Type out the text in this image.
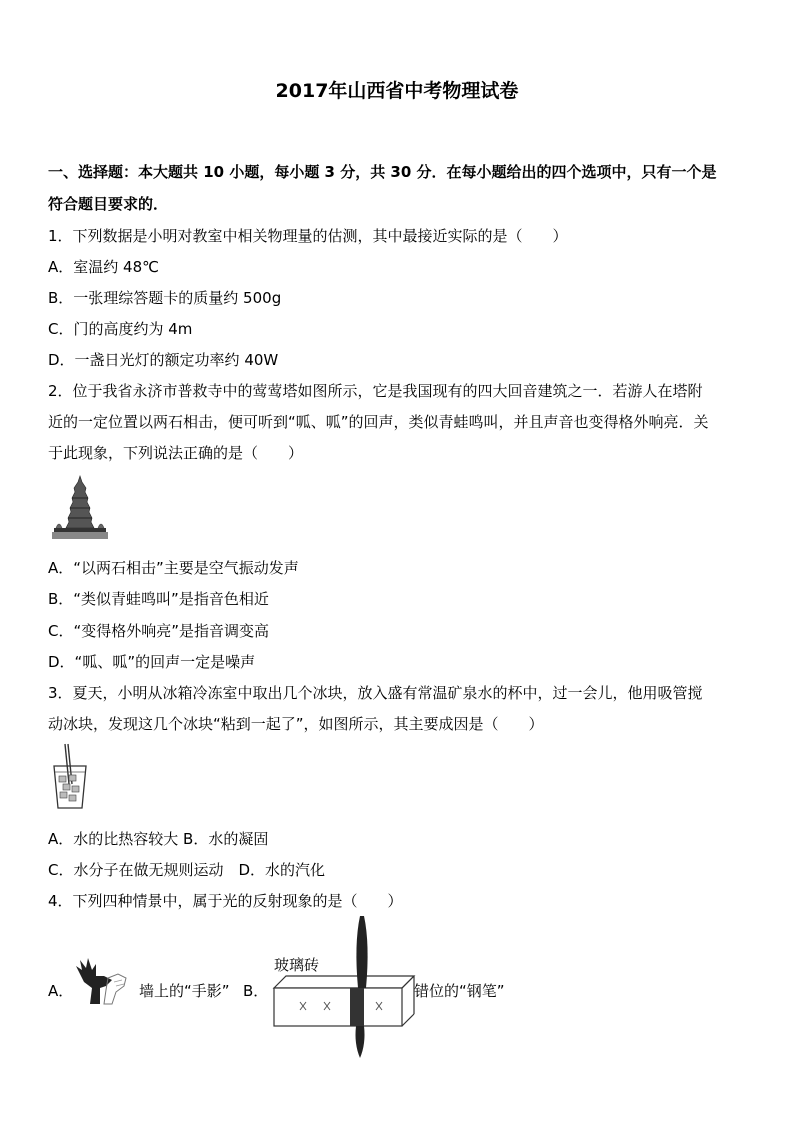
2017年山西省中考物理试卷
一、选择题：本大题共 10 小题，每小题 3 分，共 30 分．在每小题给出的四个选项中，只有一个是
符合题目要求的．
1．下列数据是小明对教室中相关物理量的估测，其中最接近实际的是（　　）
A．室温约 48℃
B．一张理综答题卡的质量约 500g
C．门的高度约为 4m
D．一盏日光灯的额定功率约 40W
2．位于我省永济市普救寺中的莺莺塔如图所示，它是我国现有的四大回音建筑之一．若游人在塔附
近的一定位置以两石相击，便可听到“呱、呱”的回声，类似青蛙鸣叫，并且声音也变得格外响亮．关
于此现象，下列说法正确的是（　　）
A．“以两石相击”主要是空气振动发声
B．“类似青蛙鸣叫”是指音色相近
C．“变得格外响亮”是指音调变高
D．“呱、呱”的回声一定是噪声
3．夏天，小明从冰箱冷冻室中取出几个冰块，放入盛有常温矿泉水的杯中，过一会儿，他用吸管搅
动冰块，发现这几个冰块“粘到一起了”，如图所示，其主要成因是（　　）
A．水的比热容较大 B．水的凝固
C．水分子在做无规则运动　D．水的汽化
4．下列四种情景中，属于光的反射现象的是（　　）
A．	墙上的“手影” B．
玻璃砖
错位的“钢笔”
